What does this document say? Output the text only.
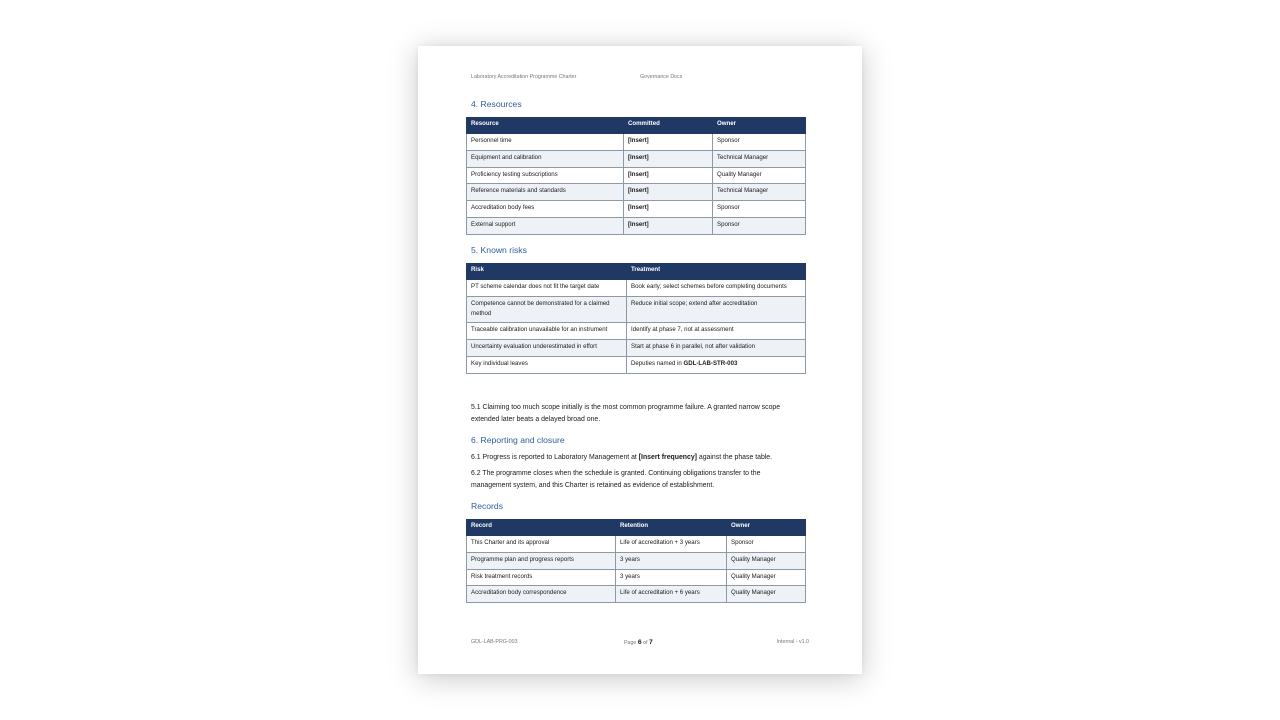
Laboratory Accreditation Programme Charter	Governance Docs
4. Resources
Resource	Committed	Owner
Personnel time	[Insert]	Sponsor
Equipment and calibration	[Insert]	Technical Manager
Proficiency testing subscriptions	[Insert]	Quality Manager
Reference materials and standards	[Insert]	Technical Manager
Accreditation body fees	[Insert]	Sponsor
External support	[Insert]	Sponsor
5. Known risks
Risk	Treatment
PT scheme calendar does not fit the target date	Book early; select schemes before completing documents
Competence cannot be demonstrated for a claimed method	Reduce initial scope; extend after accreditation
Traceable calibration unavailable for an instrument	Identify at phase 7, not at assessment
Uncertainty evaluation underestimated in effort	Start at phase 6 in parallel, not after validation
Key individual leaves	Deputies named in GDL-LAB-STR-003
5.1 Claiming too much scope initially is the most common programme failure. A granted narrow scope extended later beats a delayed broad one.
6. Reporting and closure
6.1 Progress is reported to Laboratory Management at [Insert frequency] against the phase table.
6.2 The programme closes when the schedule is granted. Continuing obligations transfer to the management system, and this Charter is retained as evidence of establishment.
Records
Record	Retention	Owner
This Charter and its approval	Life of accreditation + 3 years	Sponsor
Programme plan and progress reports	3 years	Quality Manager
Risk treatment records	3 years	Quality Manager
Accreditation body correspondence	Life of accreditation + 6 years	Quality Manager
GDL-LAB-PRG-003	Page 6 of 7	Internal - v1.0
